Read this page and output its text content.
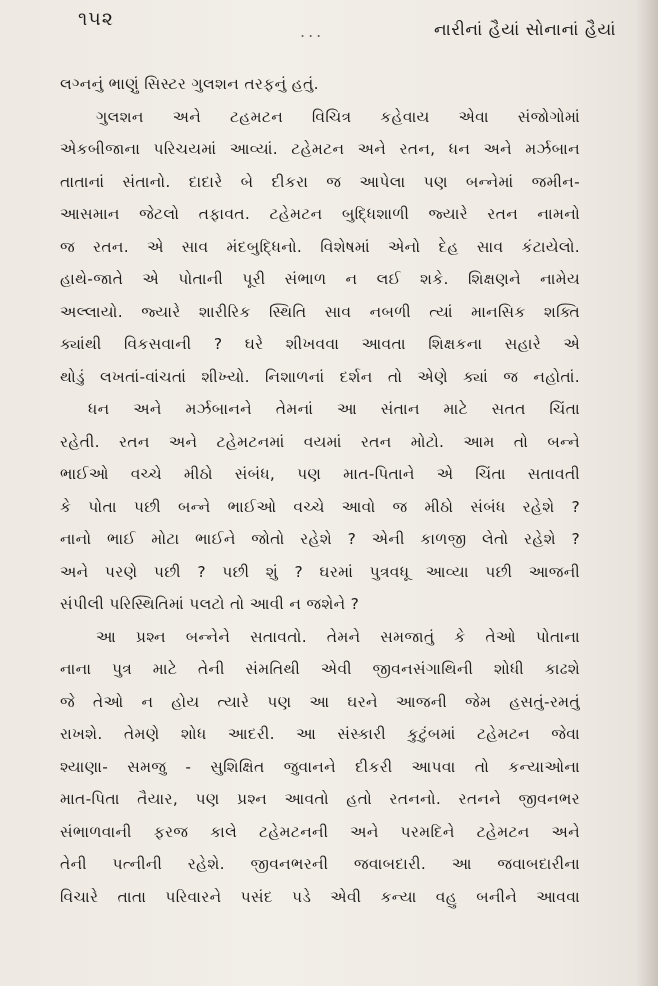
૧૫૨
...	નારીનાં હૈયાં સોનાનાં હૈયાં
લગ્નનું ભાણું સિસ્ટર ગુલશન તરફનું હતું.
ગુલશન અને ટહમટન વિચિત્ર કહેવાય એવા સંજોગોમાં
એકબીજાના પરિચયમાં આવ્યાં. ટહેમટન અને રતન, ધન અને મર્ઝબાન
તાતાનાં સંતાનો. દાદારે બે દીકરા જ આપેલા પણ બન્નેમાં જમીન-
આસમાન જેટલો તફાવત. ટહેમટન બુદ્ધિશાળી જ્યારે રતન નામનો
જ રતન. એ સાવ મંદબુદ્ધિનો. વિશેષમાં એનો દેહ સાવ કંટાયેલો.
હાથે-જાતે એ પોતાની પૂરી સંભાળ ન લઈ શકે. શિક્ષણને નામેય
અલ્લાયો. જ્યારે શારીરિક સ્થિતિ સાવ નબળી ત્યાં માનસિક શક્તિ
ક્યાંથી વિકસવાની ? ઘરે શીખવવા આવતા શિક્ષકના સહારે એ
થોડું લખતાં-વાંચતાં શીખ્યો. નિશાળનાં દર્શન તો એણે ક્યાં જ નહોતાં.
ધન અને મર્ઝબાનને તેમનાં આ સંતાન માટે સતત ચિંતા
રહેતી. રતન અને ટહેમટનમાં વયમાં રતન મોટો. આમ તો બન્ને
ભાઈઓ વચ્ચે મીઠો સંબંધ, પણ માત-પિતાને એ ચિંતા સતાવતી
કે પોતા પછી બન્ને ભાઈઓ વચ્ચે આવો જ મીઠો સંબંધ રહેશે ?
નાનો ભાઈ મોટા ભાઈને જોતો રહેશે ? એની કાળજી લેતો રહેશે ?
અને પરણે પછી ? પછી શું ? ઘરમાં પુત્રવધૂ આવ્યા પછી આજની
સંપીલી પરિસ્થિતિમાં પલટો તો આવી ન જશેને ?
આ પ્રશ્ન બન્નેને સતાવતો. તેમને સમજાતું કે તેઓ પોતાના
નાના પુત્ર માટે તેની સંમતિથી એવી જીવનસંગાથિની શોધી કાઢશે
જે તેઓ ન હોય ત્યારે પણ આ ઘરને આજની જેમ હસતું-રમતું
રાખશે. તેમણે શોધ આદરી. આ સંસ્કારી કુટુંબમાં ટહેમટન જેવા
શ્યાણા- સમજુ - સુશિક્ષિત જુવાનને દીકરી આપવા તો કન્યાઓના
માત-પિતા તૈયાર, પણ પ્રશ્ન આવતો હતો રતનનો. રતનને જીવનભર
સંભાળવાની ફરજ કાલે ટહેમટનની અને પરમદિને ટહેમટન અને
તેની પત્નીની રહેશે. જીવનભરની જવાબદારી. આ જવાબદારીના
વિચારે તાતા પરિવારને પસંદ પડે એવી કન્યા વહુ બનીને આવવા
